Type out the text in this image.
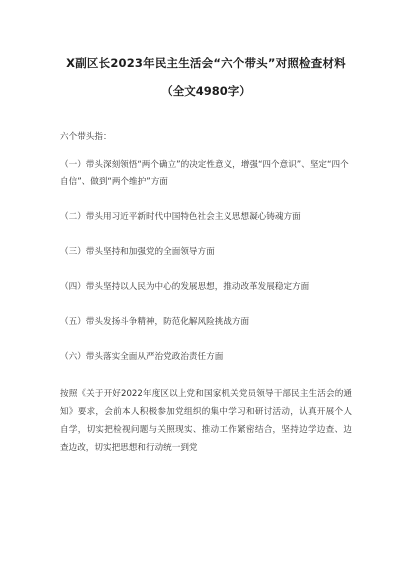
X副区长2023年民主生活会“六个带头”对照检查材料

（全文4980字）

六个带头指：

（一）带头深刻领悟“两个确立”的决定性意义，增强“四个意识”、坚定“四个自信”、做到“两个维护”方面

（二）带头用习近平新时代中国特色社会主义思想凝心铸魂方面

（三）带头坚持和加强党的全面领导方面

（四）带头坚持以人民为中心的发展思想，推动改革发展稳定方面

（五）带头发扬斗争精神，防范化解风险挑战方面

（六）带头落实全面从严治党政治责任方面

按照《关于开好2022年度区以上党和国家机关党员领导干部民主生活会的通知》要求，会前本人积极参加党组织的集中学习和研讨活动，认真开展个人自学，切实把检视问题与关照现实、推动工作紧密结合，坚持边学边查、边查边改，切实把思想和行动统一到党
